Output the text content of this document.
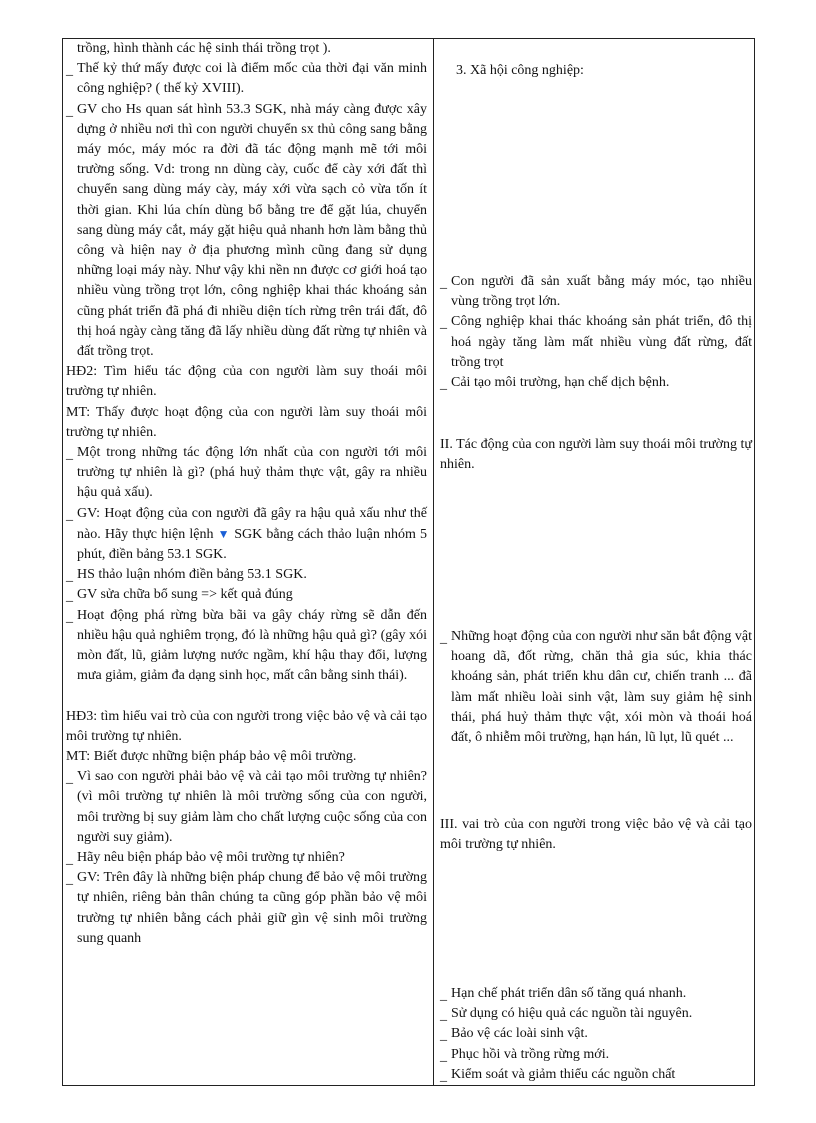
trồng, hình thành các hệ sinh thái trồng trọt ).

_ Thế kỷ thứ mấy được coi là điểm mốc của thời đại văn minh công nghiệp? ( thế kỷ XVIII).

_ GV cho Hs quan sát hình 53.3 SGK, nhà máy càng được xây dựng ở nhiều nơi thì con người chuyển sx thủ công sang bằng máy móc, máy móc ra đời đã tác động mạnh mẽ tới môi trường sống. Vd: trong nn dùng cày, cuốc để cày xới đất thì chuyển sang dùng máy cày, máy xới vừa sạch cỏ vừa tốn ít thời gian. Khi lúa chín dùng bổ bằng tre để gặt lúa, chuyển sang dùng máy cắt, máy gặt hiệu quả nhanh hơn làm bằng thủ công và hiện nay ở địa phương mình cũng đang sử dụng những loại máy này. Như vậy khi nền nn được cơ giới hoá tạo nhiều vùng trồng trọt lớn, công nghiệp khai thác khoáng sản cũng phát triển đã phá đi nhiều diện tích rừng trên trái đất, đô thị hoá ngày càng tăng đã lấy nhiều dùng đất rừng tự nhiên và đất trồng trọt.

HĐ2: Tìm hiểu tác động của con người làm suy thoái môi trường tự nhiên.

MT: Thấy được hoạt động của con người làm suy thoái môi trường tự nhiên.

_ Một trong những tác động lớn nhất của con người tới môi trường tự nhiên là gì? (phá huỷ thảm thực vật, gây ra nhiều hậu quả xấu).

_ GV: Hoạt động của con người đã gây ra hậu quả xấu như thế nào. Hãy thực hiện lệnh ▼ SGK bằng cách thảo luận nhóm 5 phút, điền bảng 53.1 SGK.

_ HS thảo luận nhóm điền bảng 53.1 SGK.

_ GV sửa chữa bổ sung => kết quả đúng

_ Hoạt động phá rừng bừa bãi va gây cháy rừng sẽ dẫn đến nhiều hậu quả nghiêm trọng, đó là những hậu quả gì? (gây xói mòn đất, lũ, giảm lượng nước ngầm, khí hậu thay đổi, lượng mưa giảm, giảm đa dạng sinh học, mất cân bằng sinh thái).

HĐ3: tìm hiểu vai trò của con người trong việc bảo vệ và cải tạo môi trường tự nhiên.

MT: Biết được những biện pháp bảo vệ môi trường.

_ Vì sao con người phải bảo vệ và cải tạo môi trường tự nhiên? (vì môi trường tự nhiên là môi trường sống của con người, môi trường bị suy giảm làm cho chất lượng cuộc sống của con người suy giảm).

_ Hãy nêu biện pháp bảo vệ môi trường tự nhiên?

_ GV: Trên đây là những biện pháp chung để bảo vệ môi trường tự nhiên, riêng bản thân chúng ta cũng góp phần bảo vệ môi trường tự nhiên bằng cách phải giữ gìn vệ sinh môi trường sung quanh

3. Xã hội công nghiệp:

_ Con người đã sản xuất bằng máy móc, tạo nhiều vùng trồng trọt lớn.

_ Công nghiệp khai thác khoáng sản phát triển, đô thị hoá ngày tăng làm mất nhiều vùng đất rừng, đất trồng trọt

_ Cải tạo môi trường, hạn chế dịch bệnh.

II. Tác động của con người làm suy thoái môi trường tự nhiên.

_ Những hoạt động của con người như săn bắt động vật hoang dã, đốt rừng, chăn thả gia súc, khia thác khoáng sản, phát triển khu dân cư, chiến tranh ... đã làm mất nhiều loài sinh vật, làm suy giảm hệ sinh thái, phá huỷ thảm thực vật, xói mòn và thoái hoá đất, ô nhiễm môi trường, hạn hán, lũ lụt, lũ quét ...

III. vai trò của con người trong việc bảo vệ và cải tạo môi trường tự nhiên.

_ Hạn chế phát triển dân số tăng quá nhanh.

_ Sử dụng có hiệu quả các nguồn tài nguyên.

_ Bảo vệ các loài sinh vật.

_ Phục hồi và trồng rừng mới.

_ Kiểm soát và giảm thiểu các nguồn chất
